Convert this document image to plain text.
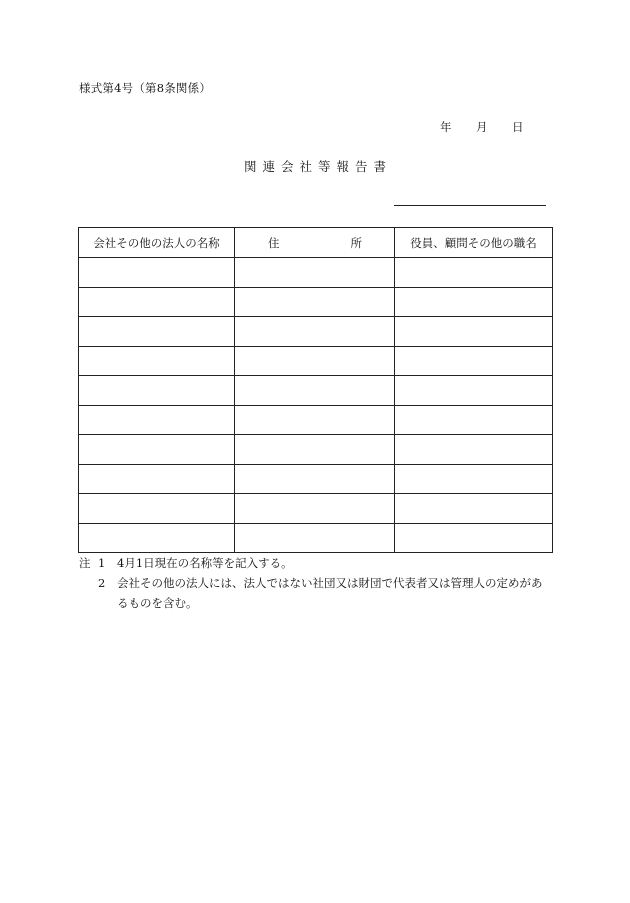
様式第4号（第8条関係）
年	月	日
関連会社等報告書
会社その他の法人の名称	住 所	役員、顧問その他の職名

注 1	4月1日現在の名称等を記入する。
2	会社その他の法人には、法人ではない社団又は財団で代表者又は管理人の定めがあ
るものを含む。
